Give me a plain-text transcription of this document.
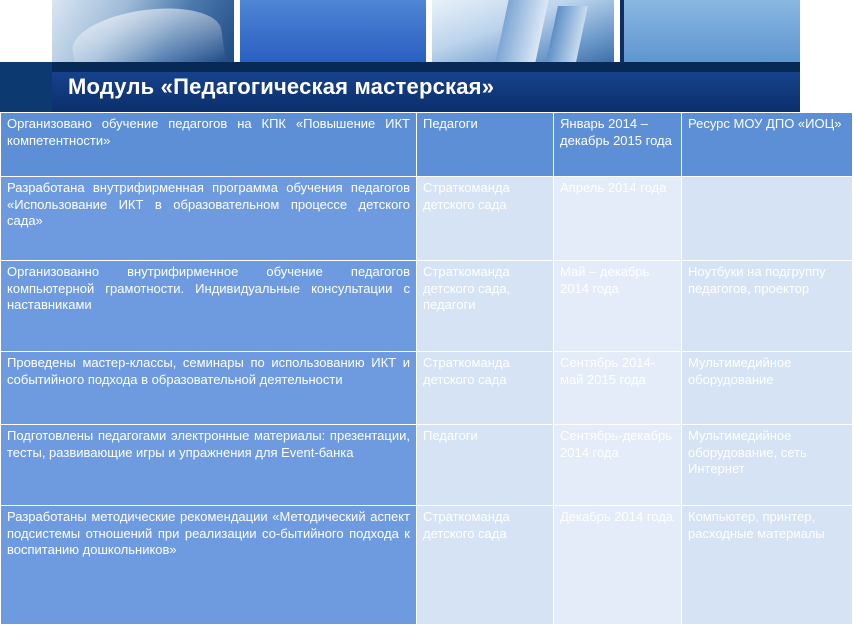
Модуль «Педагогическая мастерская»
Организовано обучение педагогов на КПК «Повышение ИКТ компетентности»	Педагоги	Январь 2014 – декабрь 2015 года	Ресурс МОУ ДПО «ИОЦ»
Разработана внутрифирменная программа обучения педагогов «Использование ИКТ в образовательном процессе детского сада»	Страткоманда детского сада	Апрель 2014 года	
Организованно внутрифирменное обучение педагогов компьютерной грамотности. Индивидуальные консультации с наставниками	Страткоманда детского сада, педагоги	Май – декабрь 2014 года	Ноутбуки на подгруппу педагогов, проектор
Проведены мастер-классы, семинары по использованию ИКТ и событийного подхода в образовательной деятельности	Страткоманда детского сада	Сентябрь 2014- май 2015 года	Мультимедийное оборудование
Подготовлены педагогами электронные материалы: презентации, тесты, развивающие игры и упражнения для Event-банка	Педагоги	Сентябрь-декабрь 2014 года	Мультимедийное оборудование, сеть Интернет
Разработаны методические рекомендации «Методический аспект подсистемы отношений при реализации со-бытийного подхода к воспитанию дошкольников»	Страткоманда детского сада	Декабрь 2014 года	Компьютер, принтер, расходные материалы
